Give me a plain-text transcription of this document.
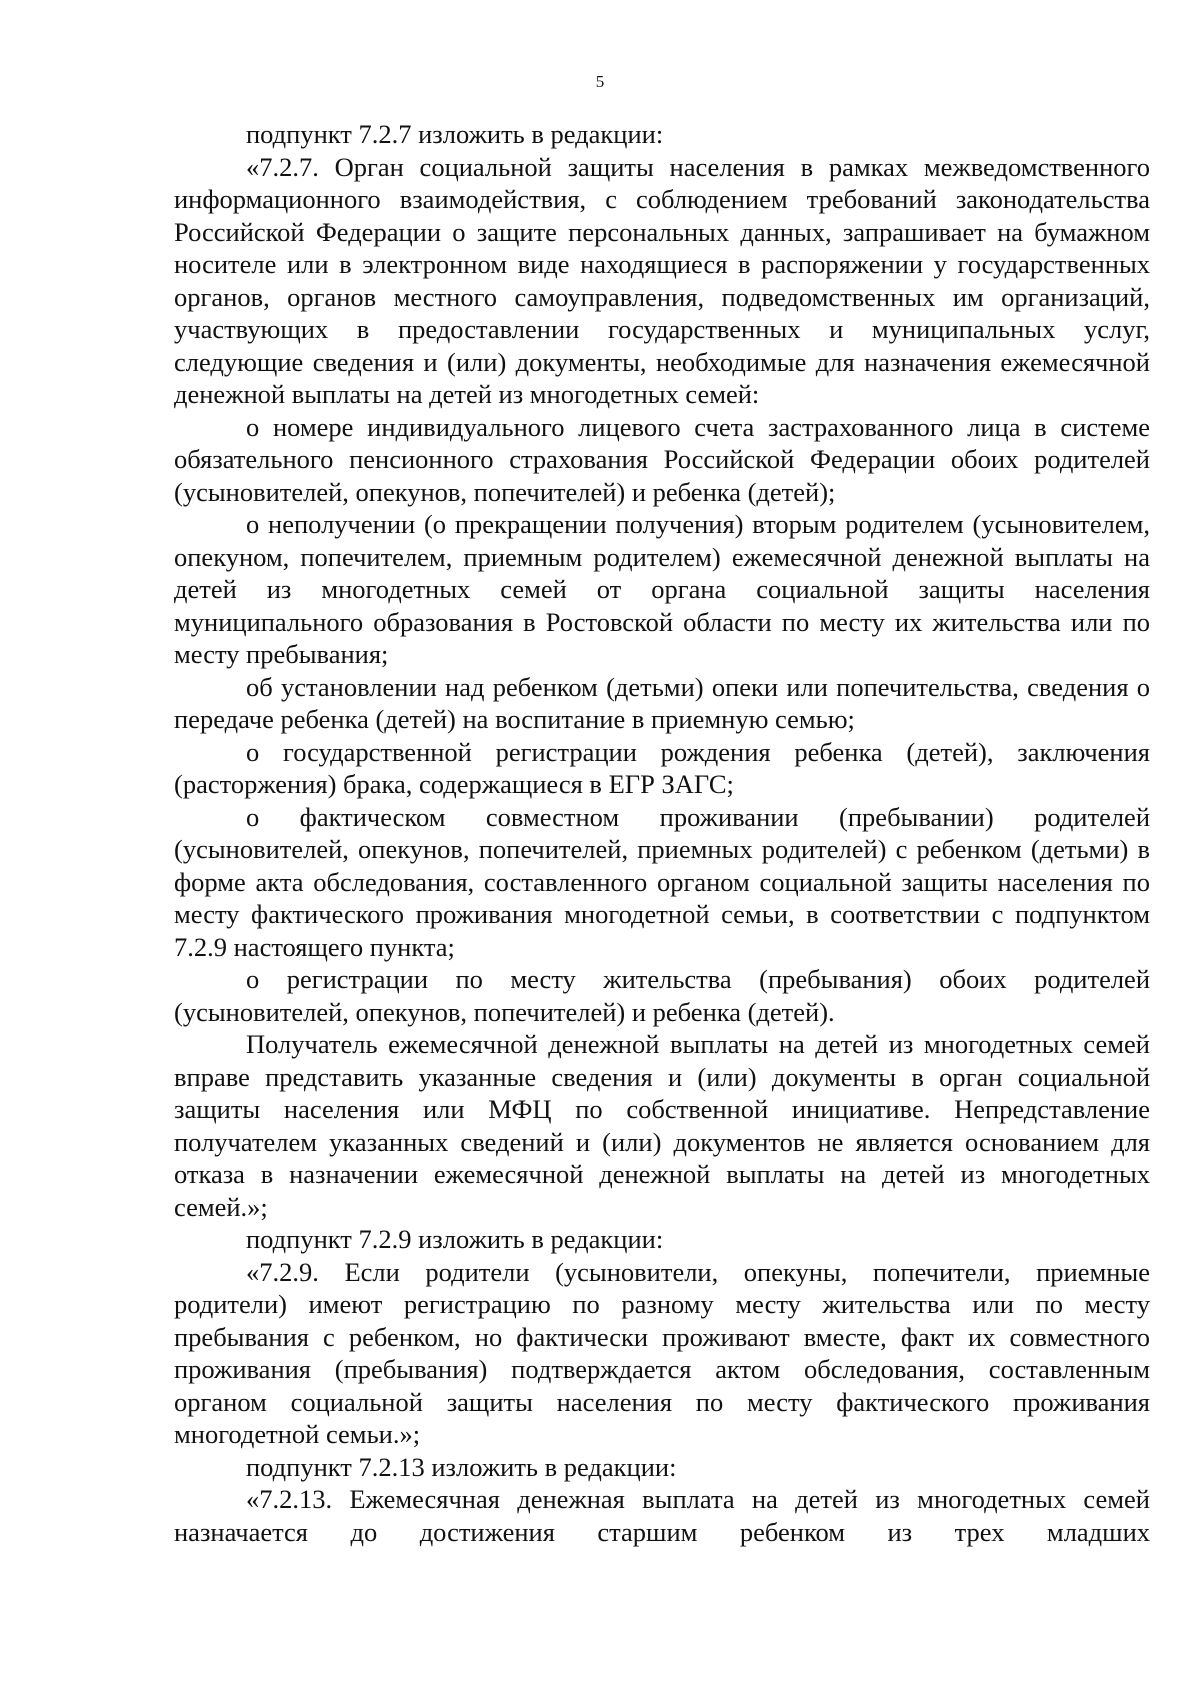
5

подпункт 7.2.7 изложить в редакции:

«7.2.7. Орган социальной защиты населения в рамках межведомственного информационного взаимодействия, с соблюдением требований законодательства Российской Федерации о защите персональных данных, запрашивает на бумажном носителе или в электронном виде находящиеся в распоряжении у государственных органов, органов местного самоуправления, подведомственных им организаций, участвующих в предоставлении государственных и муниципальных услуг, следующие сведения и (или) документы, необходимые для назначения ежемесячной денежной выплаты на детей из многодетных семей:

о номере индивидуального лицевого счета застрахованного лица в системе обязательного пенсионного страхования Российской Федерации обоих родителей (усыновителей, опекунов, попечителей) и ребенка (детей);

о неполучении (о прекращении получения) вторым родителем (усыновителем, опекуном, попечителем, приемным родителем) ежемесячной денежной выплаты на детей из многодетных семей от органа социальной защиты населения муниципального образования в Ростовской области по месту их жительства или по месту пребывания;

об установлении над ребенком (детьми) опеки или попечительства, сведения о передаче ребенка (детей) на воспитание в приемную семью;

о государственной регистрации рождения ребенка (детей), заключения (расторжения) брака, содержащиеся в ЕГР ЗАГС;

о фактическом совместном проживании (пребывании) родителей (усыновителей, опекунов, попечителей, приемных родителей) с ребенком (детьми) в форме акта обследования, составленного органом социальной защиты населения по месту фактического проживания многодетной семьи, в соответствии с подпунктом 7.2.9 настоящего пункта;

о регистрации по месту жительства (пребывания) обоих родителей (усыновителей, опекунов, попечителей) и ребенка (детей).

Получатель ежемесячной денежной выплаты на детей из многодетных семей вправе представить указанные сведения и (или) документы в орган социальной защиты населения или МФЦ по собственной инициативе. Непредставление получателем указанных сведений и (или) документов не является основанием для отказа в назначении ежемесячной денежной выплаты на детей из многодетных семей.»;

подпункт 7.2.9 изложить в редакции:

«7.2.9. Если родители (усыновители, опекуны, попечители, приемные родители) имеют регистрацию по разному месту жительства или по месту пребывания с ребенком, но фактически проживают вместе, факт их совместного проживания (пребывания) подтверждается актом обследования, составленным органом социальной защиты населения по месту фактического проживания многодетной семьи.»;

подпункт 7.2.13 изложить в редакции:

«7.2.13. Ежемесячная денежная выплата на детей из многодетных семей назначается до достижения старшим ребенком из трех младших
